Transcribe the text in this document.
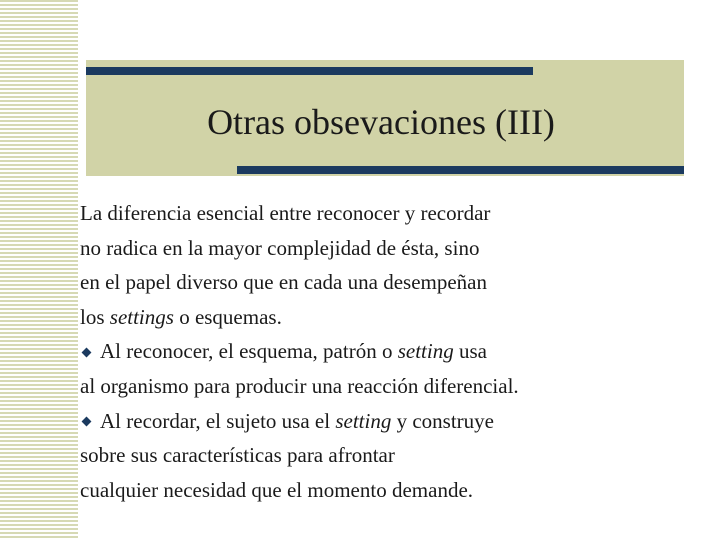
Otras obsevaciones (III)
La diferencia esencial entre reconocer y recordar
no radica en la mayor complejidad de ésta, sino
en el papel diverso que en cada una desempeñan
los settings o esquemas.
Al reconocer, el esquema, patrón o setting usa
al organismo para producir una reacción diferencial.
Al recordar, el sujeto usa el setting y construye
sobre sus características para afrontar
cualquier necesidad que el momento demande.
